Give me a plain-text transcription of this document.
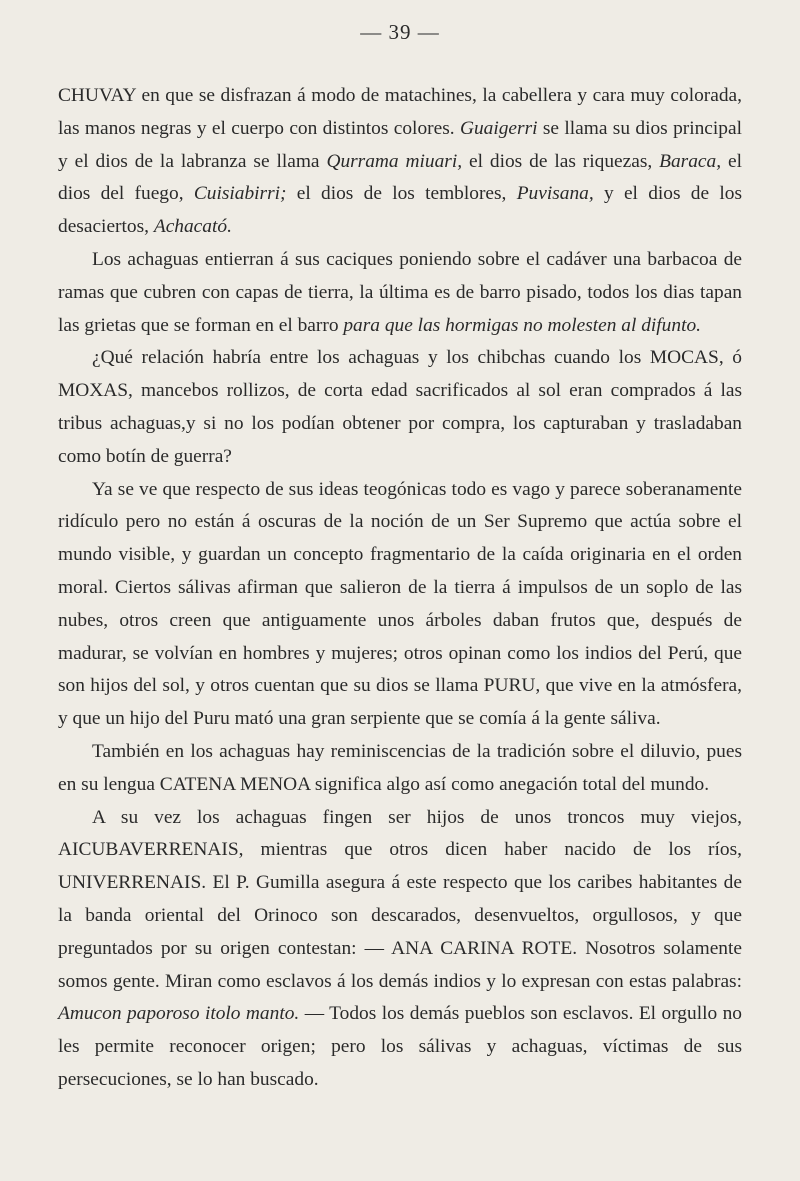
— 39 —

CHUVAY en que se disfrazan á modo de matachines, la cabellera y cara muy colorada, las manos negras y el cuerpo con distintos colores. Guaigerri se llama su dios principal y el dios de la labranza se llama Qurrama miuari, el dios de las riquezas, Baraca, el dios del fuego, Cuisiabirri; el dios de los temblores, Puvisana, y el dios de los desaciertos, Achacató.

Los achaguas entierran á sus caciques poniendo sobre el cadáver una barbacoa de ramas que cubren con capas de tierra, la última es de barro pisado, todos los dias tapan las grietas que se forman en el barro para que las hormigas no molesten al difunto.

¿Qué relación habría entre los achaguas y los chibchas cuando los MOCAS, ó MOXAS, mancebos rollizos, de corta edad sacrificados al sol eran comprados á las tribus achaguas,y si no los podían obtener por compra, los capturaban y trasladaban como botín de guerra?

Ya se ve que respecto de sus ideas teogónicas todo es vago y parece soberanamente ridículo pero no están á oscuras de la noción de un Ser Supremo que actúa sobre el mundo visible, y guardan un concepto fragmentario de la caída originaria en el orden moral. Ciertos sálivas afirman que salieron de la tierra á impulsos de un soplo de las nubes, otros creen que antiguamente unos árboles daban frutos que, después de madurar, se volvían en hombres y mujeres; otros opinan como los indios del Perú, que son hijos del sol, y otros cuentan que su dios se llama PURU, que vive en la atmósfera, y que un hijo del Puru mató una gran serpiente que se comía á la gente sáliva.

También en los achaguas hay reminiscencias de la tradición sobre el diluvio, pues en su lengua CATENA MENOA significa algo así como anegación total del mundo.

A su vez los achaguas fingen ser hijos de unos troncos muy viejos, AICUBAVERRENAIS, mientras que otros dicen haber nacido de los ríos, UNIVERRENAIS. El P. Gumilla asegura á este respecto que los caribes habitantes de la banda oriental del Orinoco son descarados, desenvueltos, orgullosos, y que preguntados por su origen contestan: — ANA CARINA ROTE. Nosotros solamente somos gente. Miran como esclavos á los demás indios y lo expresan con estas palabras: Amucon paporoso itolo manto. — Todos los demás pueblos son esclavos. El orgullo no les permite reconocer origen; pero los sálivas y achaguas, víctimas de sus persecuciones, se lo han buscado.
